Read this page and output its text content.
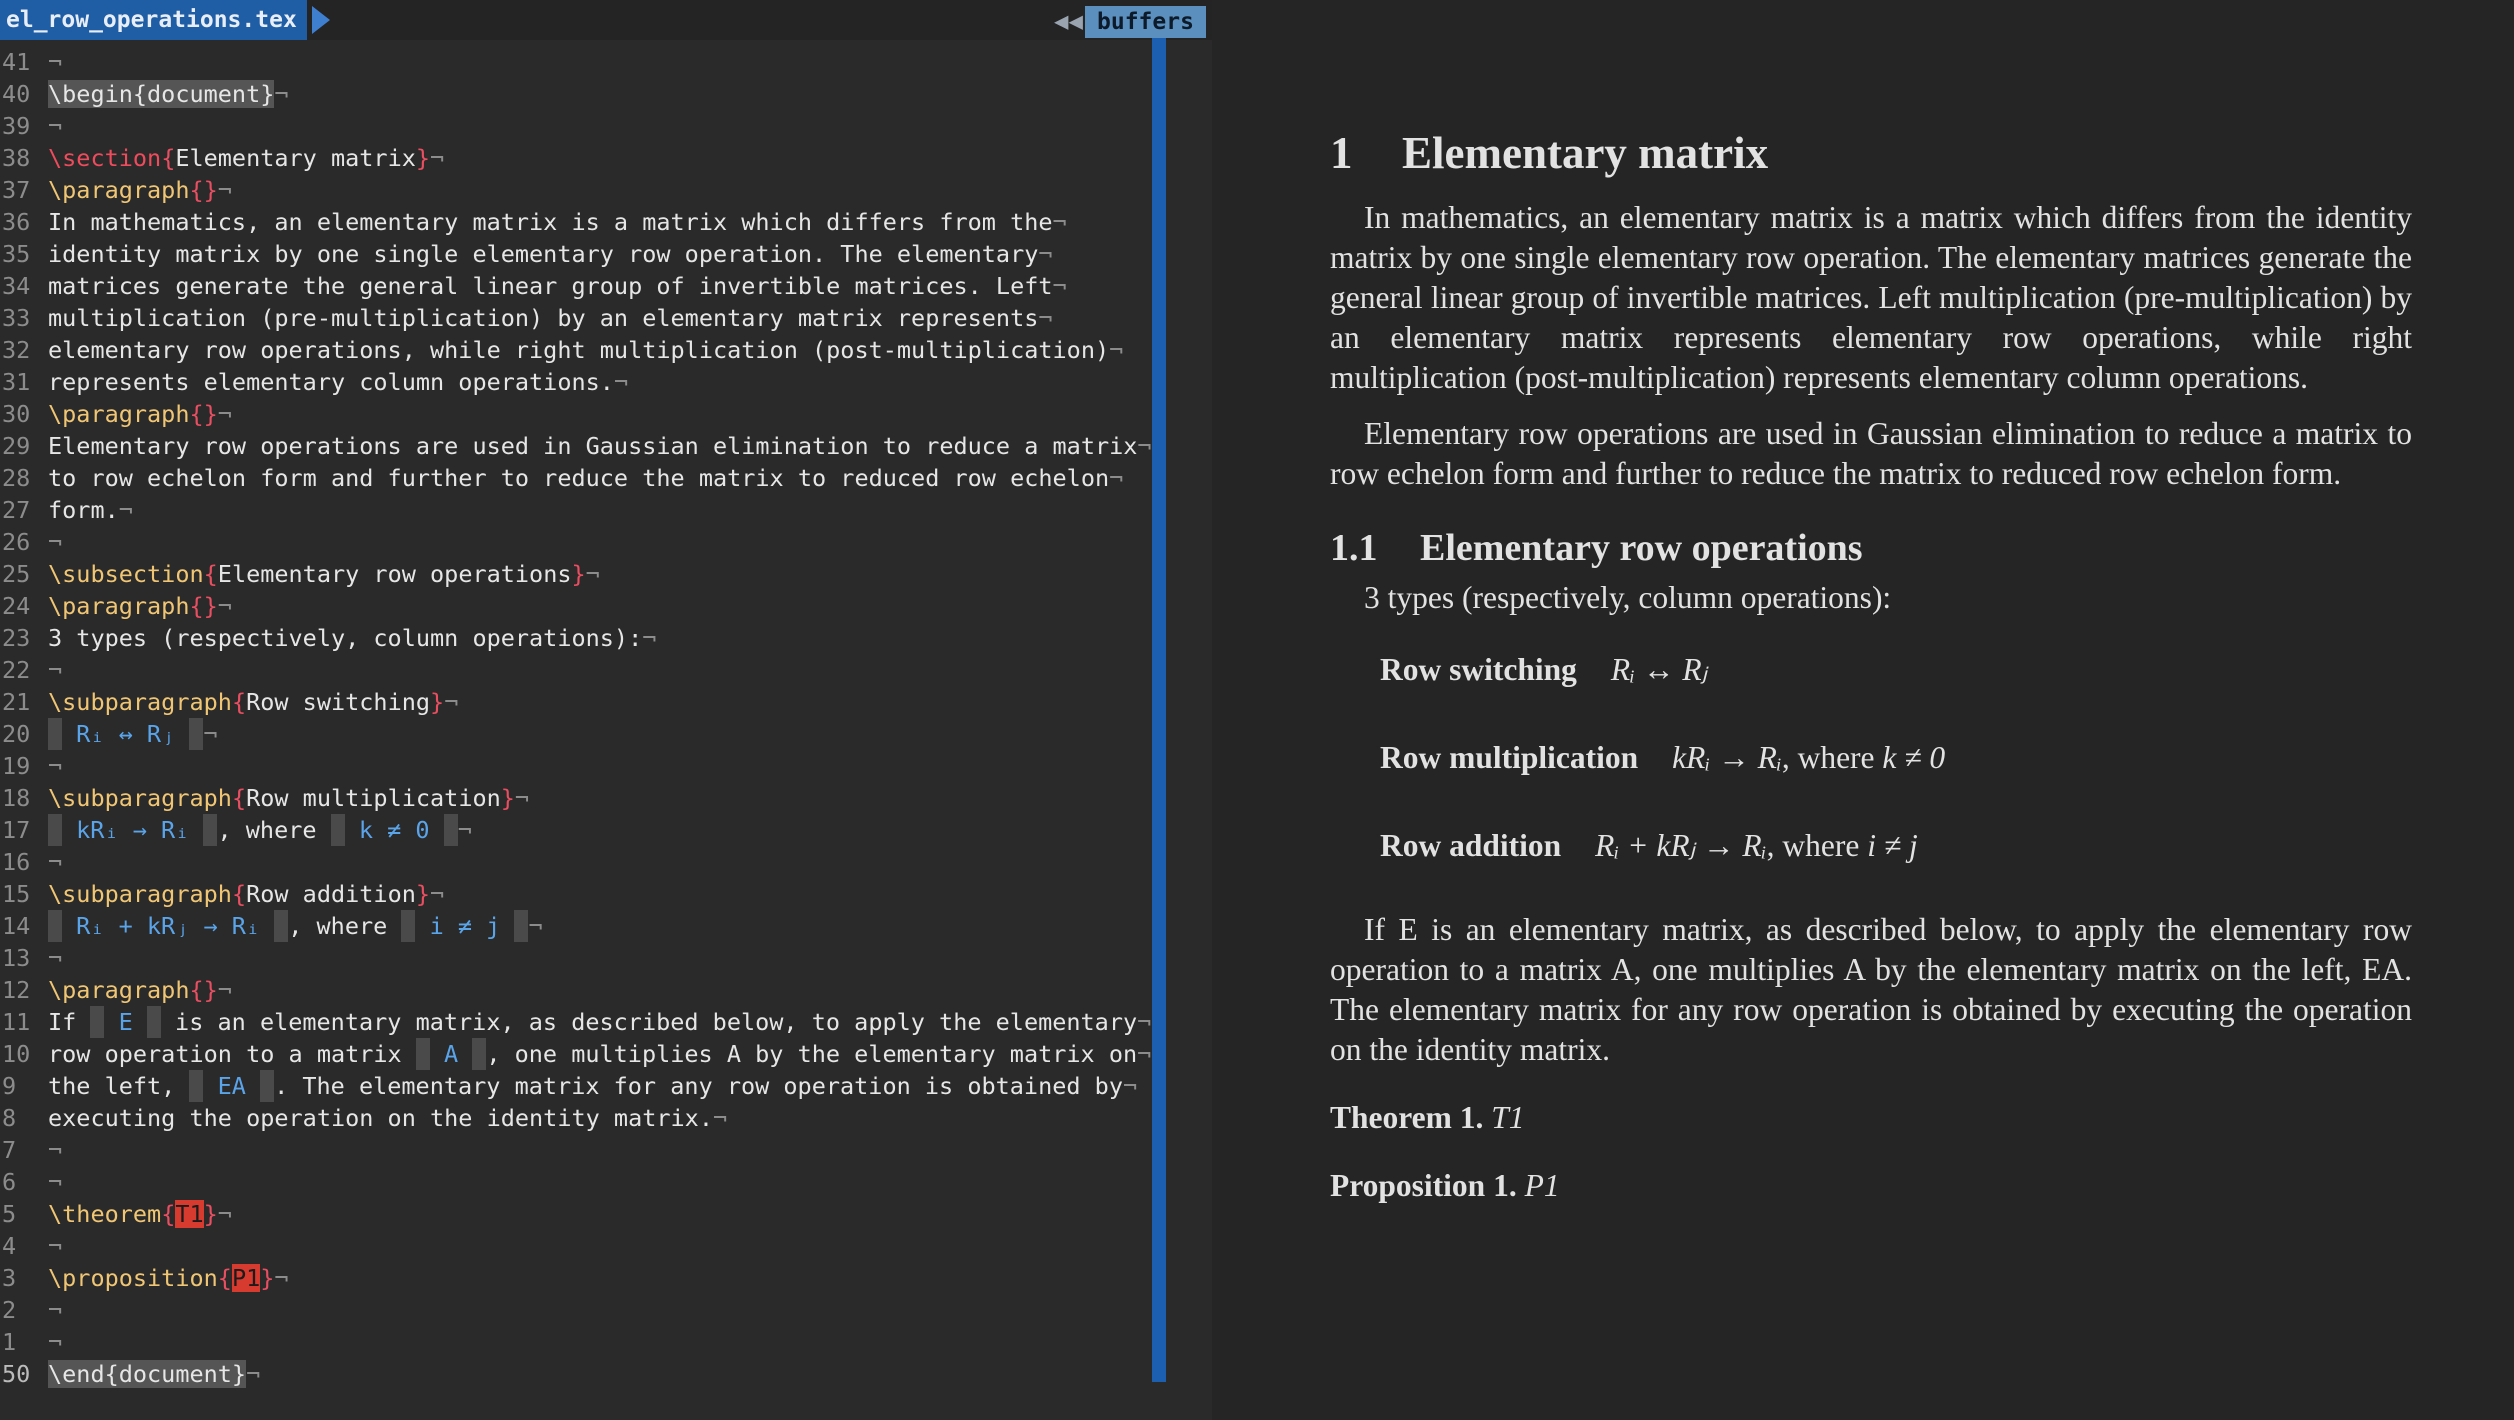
el_row_operations.tex	◀◀ buffers
41 ¬
40 \begin{document}¬
39 ¬
38 \section{Elementary matrix}¬
37 \paragraph{}¬
36 In mathematics, an elementary matrix is a matrix which differs from the¬
35 identity matrix by one single elementary row operation. The elementary¬
34 matrices generate the general linear group of invertible matrices. Left¬
33 multiplication (pre-multiplication) by an elementary matrix represents¬
32 elementary row operations, while right multiplication (post-multiplication)¬
31 represents elementary column operations.¬
30 \paragraph{}¬
29 Elementary row operations are used in Gaussian elimination to reduce a matrix¬
28 to row echelon form and further to reduce the matrix to reduced row echelon¬
27 form.¬
26 ¬
25 \subsection{Elementary row operations}¬
24 \paragraph{}¬
23 3 types (respectively, column operations):¬
22 ¬
21 \subparagraph{Row switching}¬
20 Rᵢ ↔ Rⱼ ¬
19 ¬
18 \subparagraph{Row multiplication}¬
17 kRᵢ → Rᵢ , where  k ≠ 0 ¬
16 ¬
15 \subparagraph{Row addition}¬
14 Rᵢ + kRⱼ → Rᵢ , where  i ≠ j ¬
13 ¬
12 \paragraph{}¬
11 If  E  is an elementary matrix, as described below, to apply the elementary¬
10 row operation to a matrix  A , one multiplies A by the elementary matrix on¬
9 the left,  EA . The elementary matrix for any row operation is obtained by¬
8 executing the operation on the identity matrix.¬
7 ¬
6 ¬
5 \theorem{T1}¬
4 ¬
3 \proposition{P1}¬
2 ¬
1 ¬
50 \end{document}¬
1 Elementary matrix

In mathematics, an elementary matrix is a matrix which differs from the identity matrix by one single elementary row operation. The elementary matrices generate the general linear group of invertible matrices. Left multiplication (pre-multiplication) by an elementary matrix represents elementary row operations, while right multiplication (post-multiplication) represents elementary column operations.

Elementary row operations are used in Gaussian elimination to reduce a matrix to row echelon form and further to reduce the matrix to reduced row echelon form.

1.1 Elementary row operations

3 types (respectively, column operations):

Row switching Rᵢ ↔ Rⱼ
Row multiplication kRᵢ → Rᵢ, where k ≠ 0
Row addition Rᵢ + kRⱼ → Rᵢ, where i ≠ j

If E is an elementary matrix, as described below, to apply the elementary row operation to a matrix A, one multiplies A by the elementary matrix on the left, EA. The elementary matrix for any row operation is obtained by executing the operation on the identity matrix.

Theorem 1. T1
Proposition 1. P1
